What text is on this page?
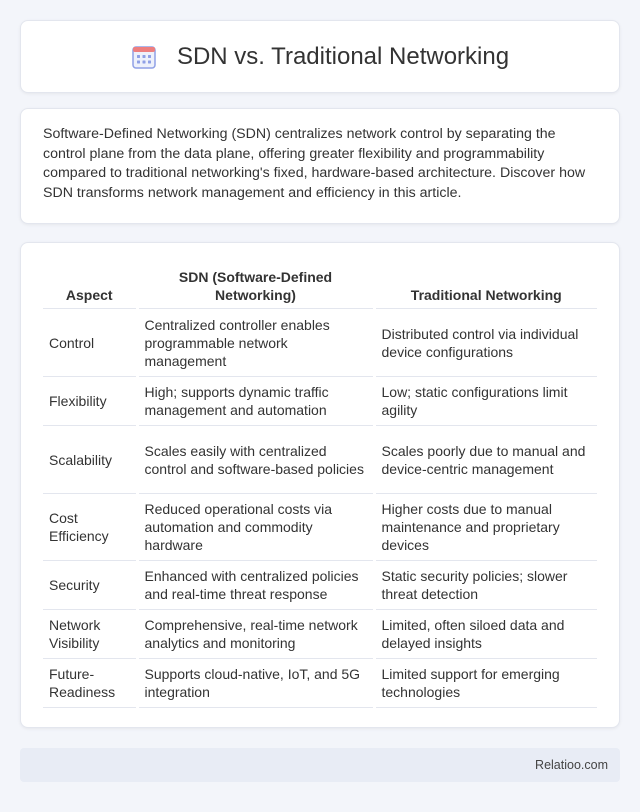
SDN vs. Traditional Networking

Software-Defined Networking (SDN) centralizes network control by separating the control plane from the data plane, offering greater flexibility and programmability compared to traditional networking's fixed, hardware-based architecture. Discover how SDN transforms network management and efficiency in this article.

Aspect	SDN (Software-Defined Networking)	Traditional Networking
Control	Centralized controller enables programmable network management	Distributed control via individual device configurations
Flexibility	High; supports dynamic traffic management and automation	Low; static configurations limit agility
Scalability	Scales easily with centralized control and software-based policies	Scales poorly due to manual and device-centric management
Cost Efficiency	Reduced operational costs via automation and commodity hardware	Higher costs due to manual maintenance and proprietary devices
Security	Enhanced with centralized policies and real-time threat response	Static security policies; slower threat detection
Network Visibility	Comprehensive, real-time network analytics and monitoring	Limited, often siloed data and delayed insights
Future-Readiness	Supports cloud-native, IoT, and 5G integration	Limited support for emerging technologies
Relatioo.com
